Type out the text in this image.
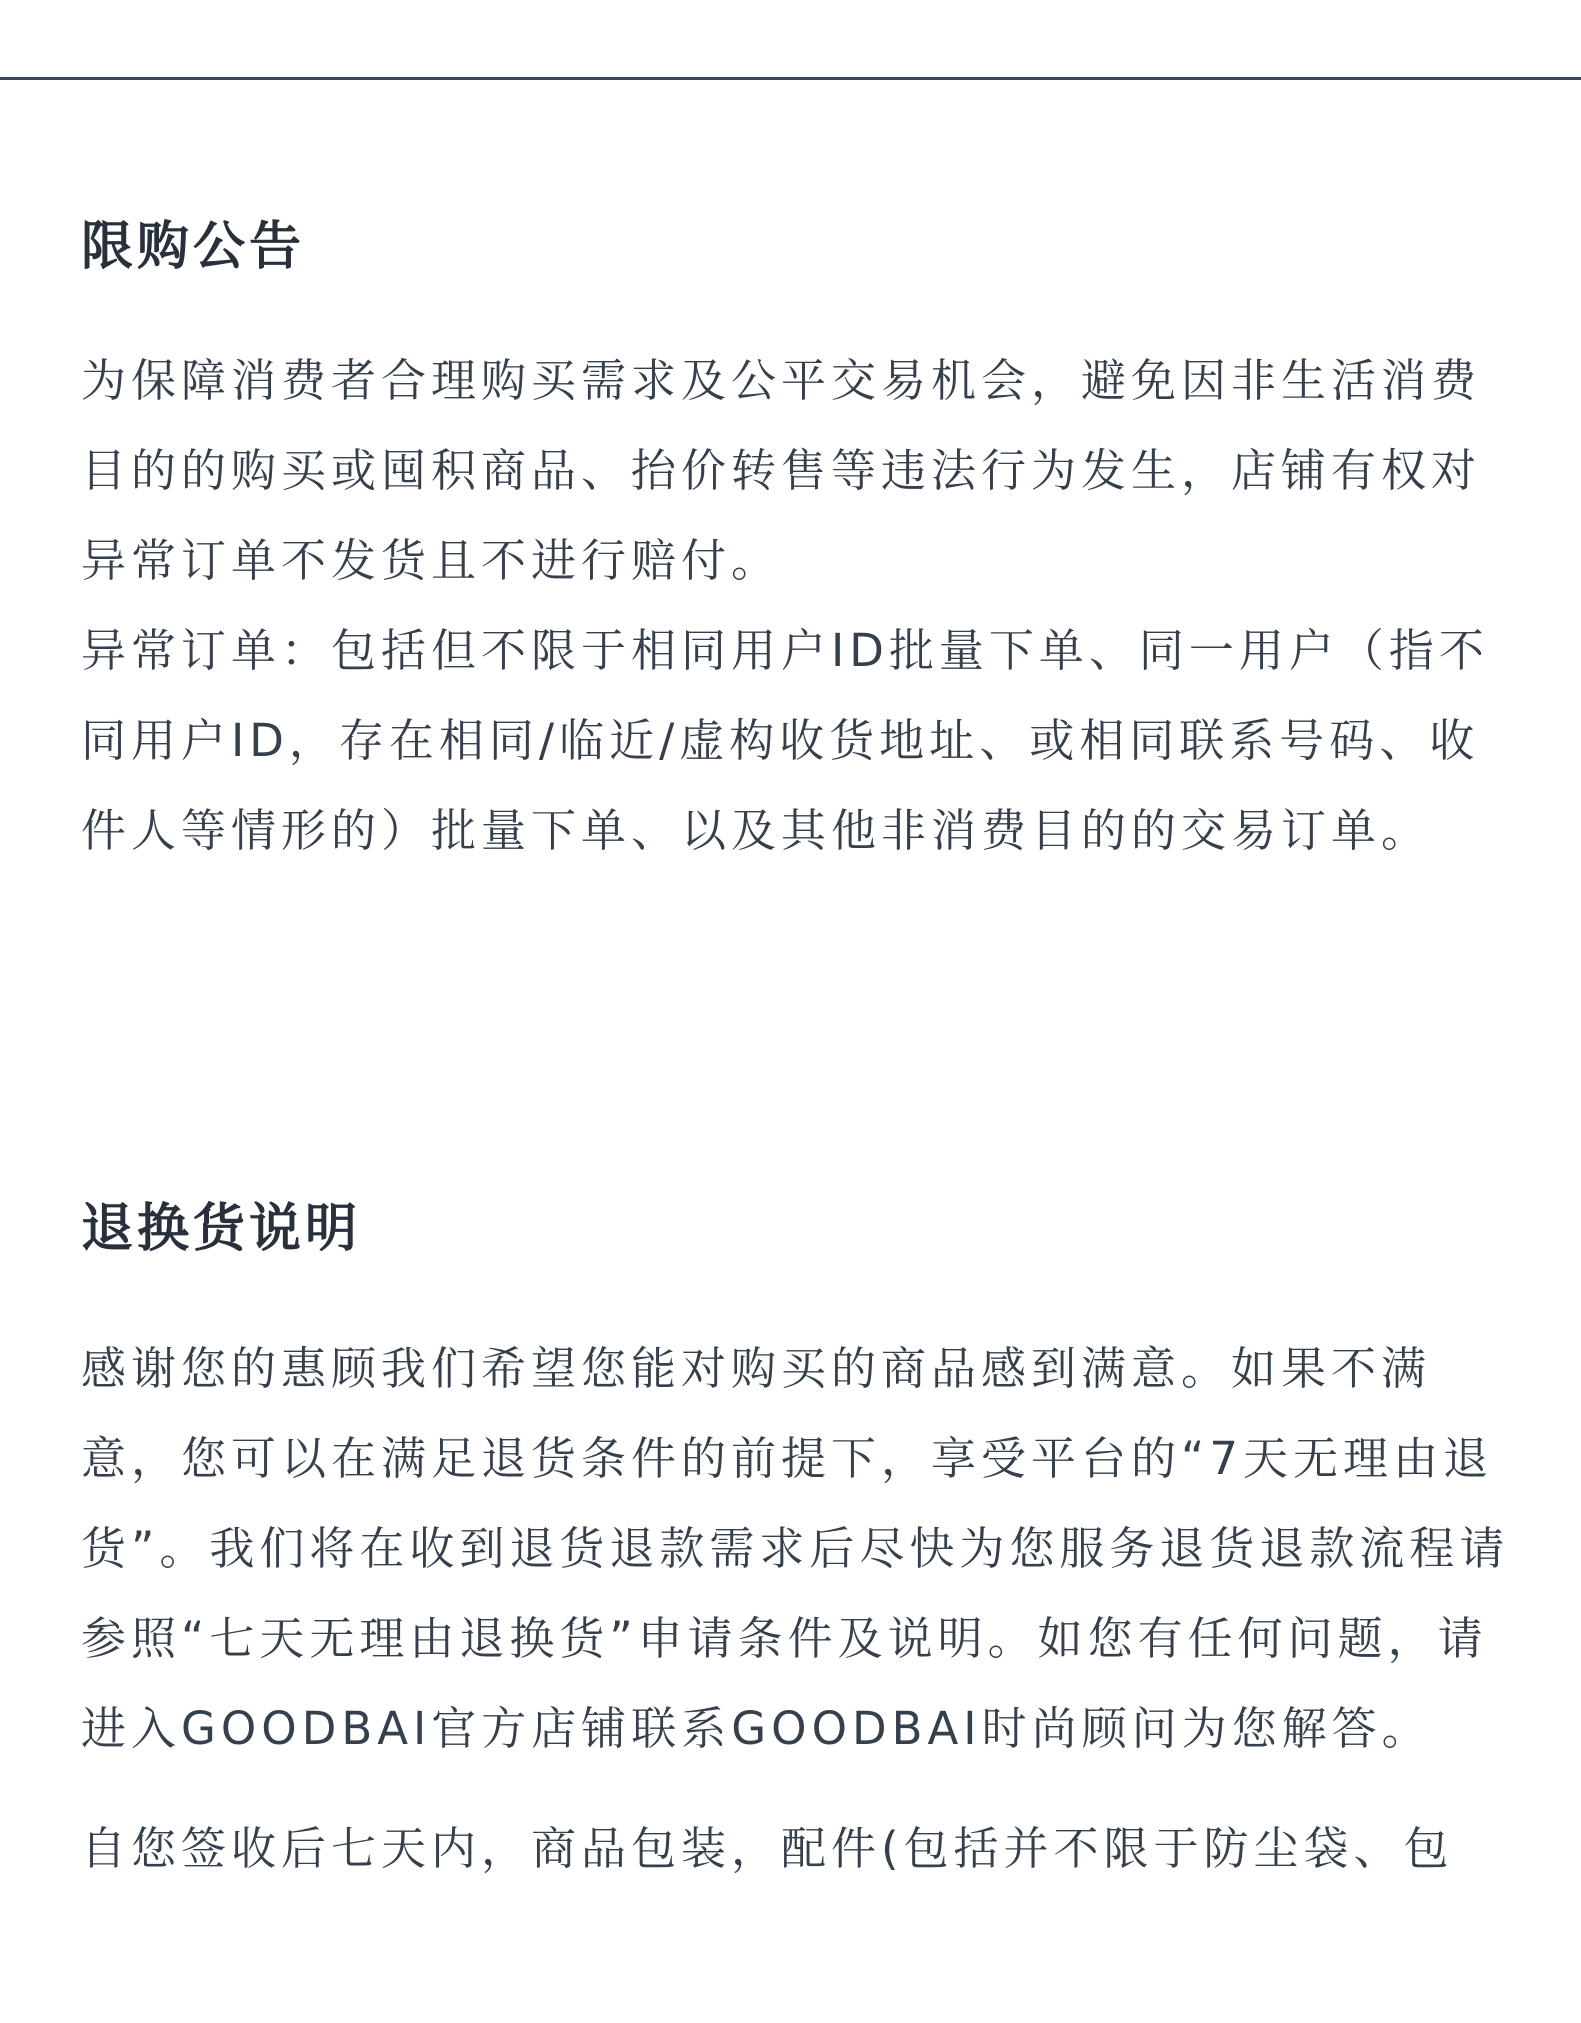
限购公告

为保障消费者合理购买需求及公平交易机会，避免因非生活消费目的的购买或囤积商品、抬价转售等违法行为发生，店铺有权对异常订单不发货且不进行赔付。

异常订单：包括但不限于相同用户ID批量下单、同一用户（指不同用户ID，存在相同/临近/虚构收货地址、或相同联系号码、收件人等情形的）批量下单、以及其他非消费目的的交易订单。

退换货说明

感谢您的惠顾我们希望您能对购买的商品感到满意。如果不满意，您可以在满足退货条件的前提下，享受平台的“7天无理由退货”。我们将在收到退货退款需求后尽快为您服务退货退款流程请参照“七天无理由退换货”申请条件及说明。如您有任何问题，请进入GOODBAI官方店铺联系GOODBAI时尚顾问为您解答。

自您签收后七天内，商品包装，配件(包括并不限于防尘袋、包
